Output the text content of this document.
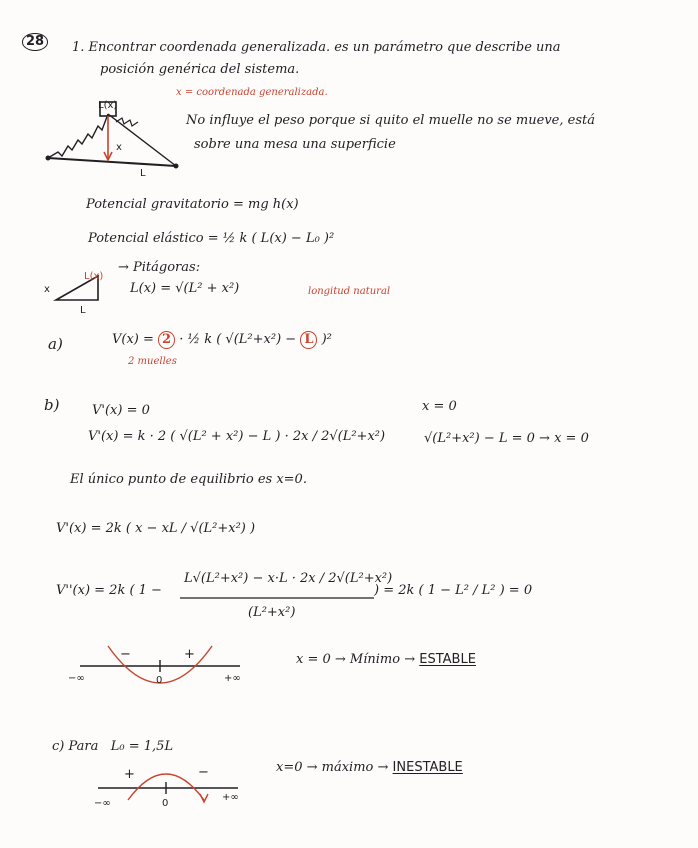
28	1. Encontrar coordenada generalizada. es un parámetro que describe una
posición genérica del sistema.
x = coordenada generalizada.
No influye el peso porque si quito el muelle no se mueve, está
sobre una mesa una superficie
L(x)
x
L
Potencial gravitatorio = mg h(x)
Potencial elástico = ½ k ( L(x) − L₀ )²
x
L(x)
L
→ Pitágoras:
L(x) = √(L² + x²)	longitud natural
a)	V(x) = 2 · ½ k ( √(L²+x²) − L )²
2 muelles
b)	V'(x) = 0
V'(x) = k · 2 ( √(L² + x²) − L ) · 2x / 2√(L²+x²)
x = 0
√(L²+x²) − L = 0 → x = 0
El único punto de equilibrio es x=0.
V'(x) = 2k ( x − xL / √(L²+x²) )
V''(x) = 2k ( 1 −
L√(L²+x²) − x·L · 2x / 2√(L²+x²)
(L²+x²)
) = 2k ( 1 − L² / L² ) = 0
−	+
−∞	0	+∞
x = 0 → Mínimo → ESTABLE
c) Para L₀ = 1,5L
+	−
−∞	0
+∞
x=0 → máximo → INESTABLE
